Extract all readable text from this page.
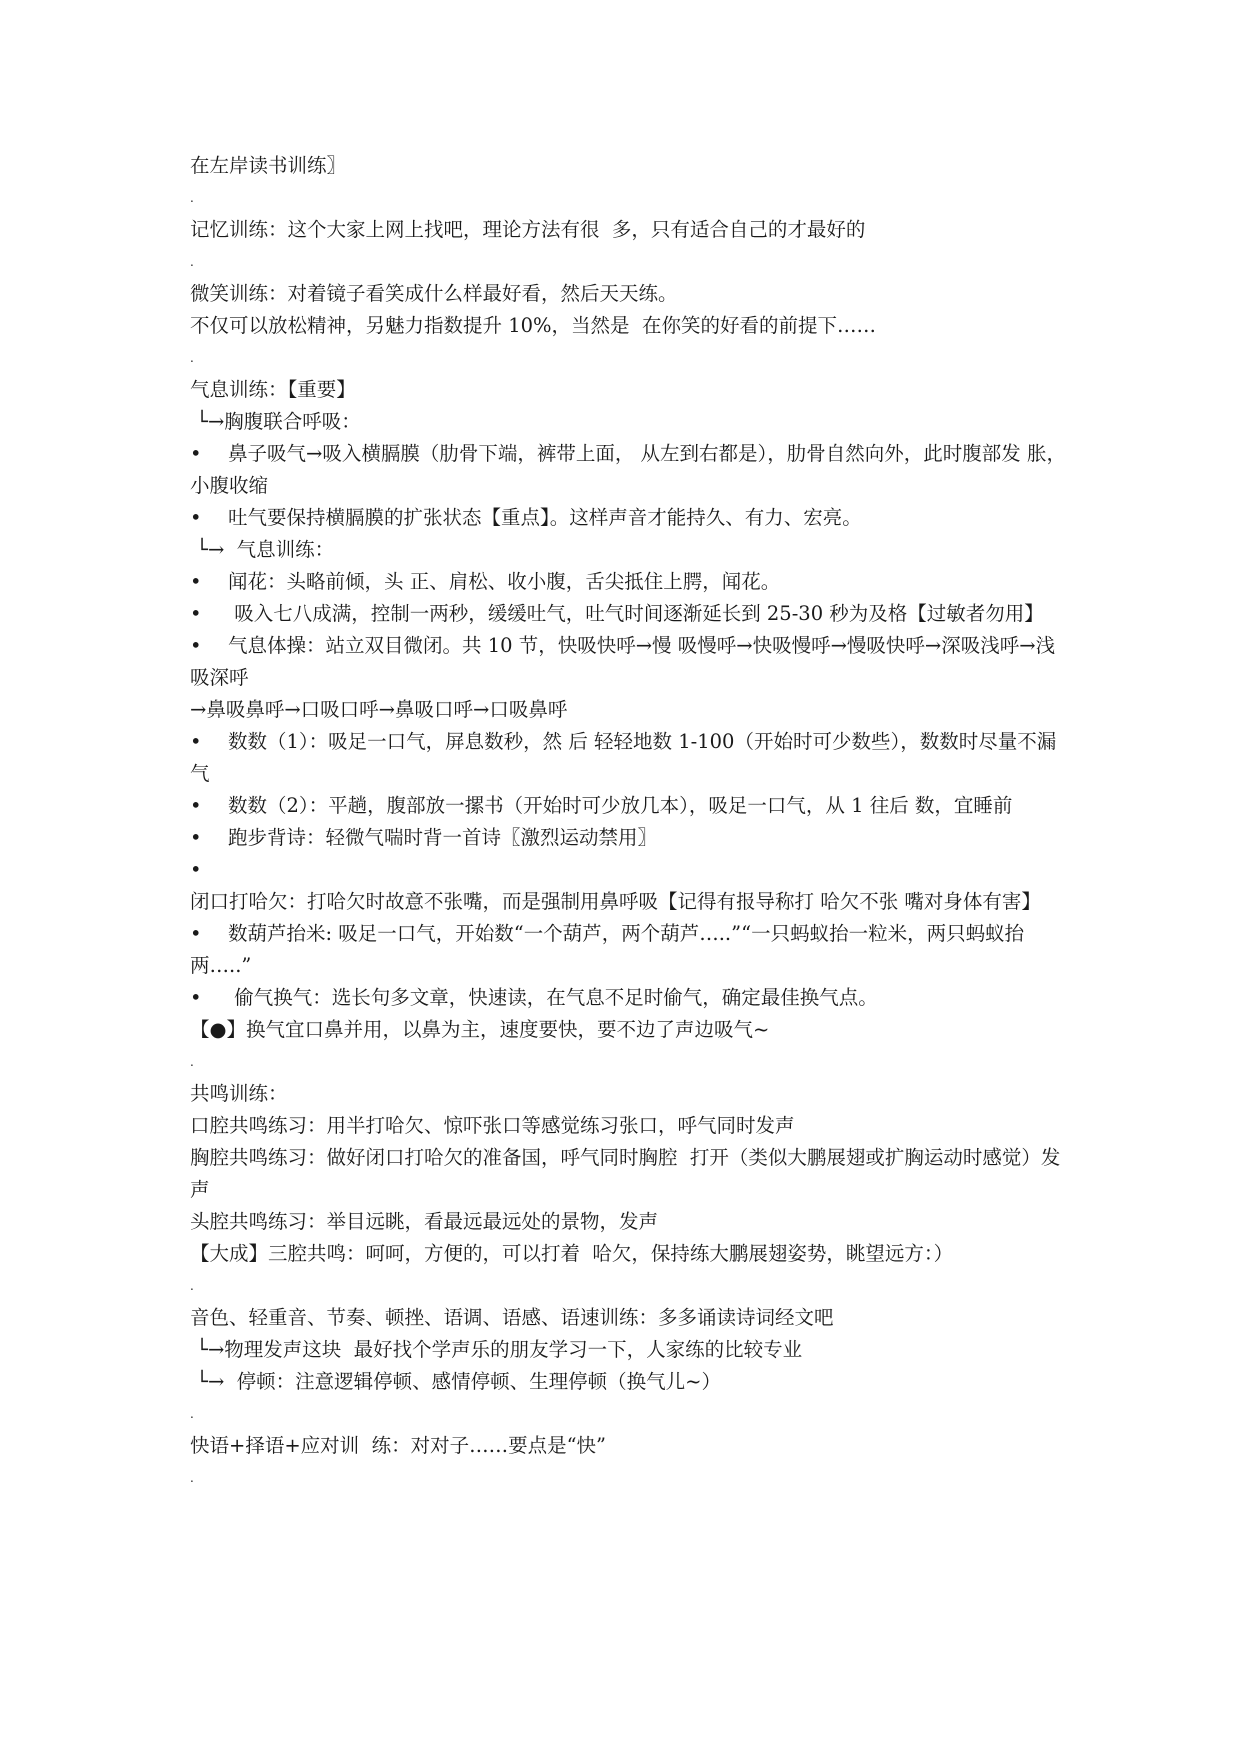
在左岸读书训练〗
.
记忆训练：这个大家上网上找吧，理论方法有很  多，只有适合自己的才最好的
.
微笑训练：对着镜子看笑成什么样最好看，然后天天练。
不仅可以放松精神，另魅力指数提升 10%，当然是  在你笑的好看的前提下……
.
气息训练：【重要】
└→胸腹联合呼吸：
• 鼻子吸气→吸入横膈膜（肋骨下端，裤带上面， 从左到右都是），肋骨自然向外，此时腹部发 胀，小腹收缩
• 吐气要保持横膈膜的扩张状态【重点】。这样声音才能持久、有力、宏亮。
└→  气息训练：
• 闻花：头略前倾，头 正、肩松、收小腹，舌尖抵住上腭，闻花。
• 吸入七八成满，控制一两秒，缓缓吐气，吐气时间逐渐延长到 25-30 秒为及格【过敏者勿用】
• 气息体操：站立双目微闭。共 10 节，快吸快呼→慢 吸慢呼→快吸慢呼→慢吸快呼→深吸浅呼→浅吸深呼
→鼻吸鼻呼→口吸口呼→鼻吸口呼→口吸鼻呼
• 数数（1）：吸足一口气，屏息数秒，然 后 轻轻地数 1-100（开始时可少数些），数数时尽量不漏气
• 数数（2）：平趟，腹部放一摞书（开始时可少放几本），吸足一口气，从 1 往后 数，宜睡前
• 跑步背诗：轻微气喘时背一首诗〖激烈运动禁用〗
•闭口打哈欠：打哈欠时故意不张嘴，而是强制用鼻呼吸【记得有报导称打 哈欠不张 嘴对身体有害】
• 数葫芦抬米: 吸足一口气，开始数“一个葫芦，两个葫芦…..”“一只蚂蚁抬一粒米，两只蚂蚁抬两…..”
• 偷气换气：选长句多文章，快速读，在气息不足时偷气，确定最佳换气点。
【●】换气宜口鼻并用，以鼻为主，速度要快，要不边了声边吸气~
.
共鸣训练：
口腔共鸣练习：用半打哈欠、惊吓张口等感觉练习张口，呼气同时发声
胸腔共鸣练习：做好闭口打哈欠的准备国，呼气同时胸腔  打开（类似大鹏展翅或扩胸运动时感觉）发声
头腔共鸣练习：举目远眺，看最远最远处的景物，发声
【大成】三腔共鸣：呵呵，方便的，可以打着  哈欠，保持练大鹏展翅姿势，眺望远方：）
.
音色、轻重音、节奏、顿挫、语调、语感、语速训练：多多诵读诗词经文吧
└→物理发声这块  最好找个学声乐的朋友学习一下，人家练的比较专业
└→  停顿：注意逻辑停顿、感情停顿、生理停顿（换气儿~）
.
快语+择语+应对训  练：对对子……要点是“快”
.
